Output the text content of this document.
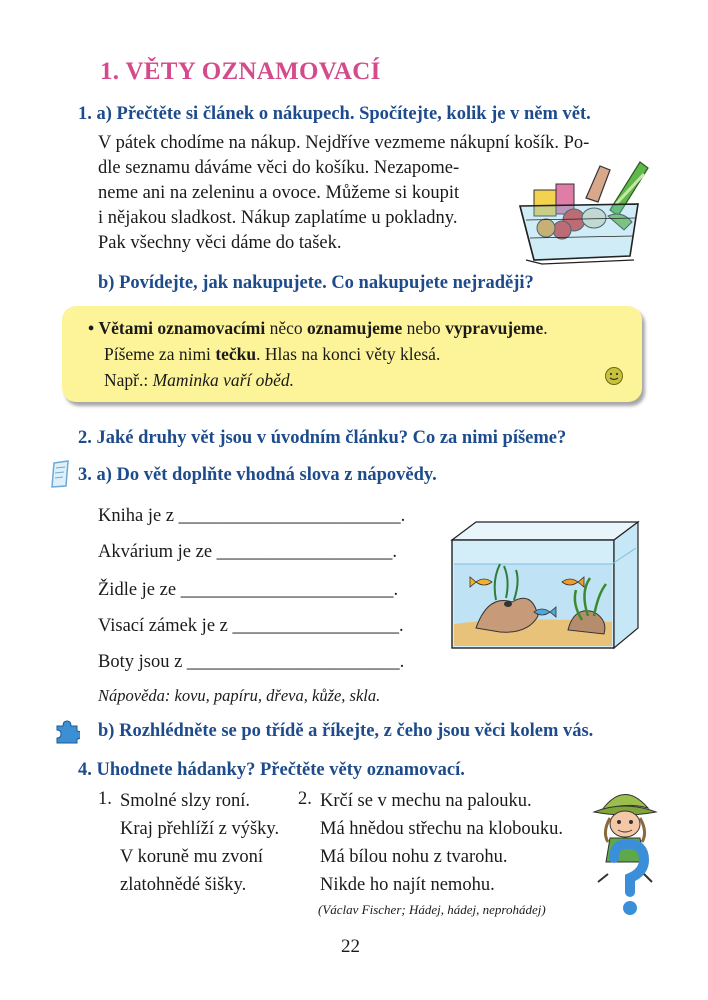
1. VĚTY OZNAMOVACÍ
1. a) Přečtěte si článek o nákupech. Spočítejte, kolik je v něm vět.
V pátek chodíme na nákup. Nejdříve vezmeme nákupní košík. Po-
dle seznamu dáváme věci do košíku. Nezapome-
neme ani na zeleninu a ovoce. Můžeme si koupit
i nějakou sladkost. Nákup zaplatíme u pokladny.
Pak všechny věci dáme do tašek.
b) Povídejte, jak nakupujete. Co nakupujete nejraději?
• Větami oznamovacími něco oznamujeme nebo vypravujeme.
Píšeme za nimi tečku. Hlas na konci věty klesá.
Např.: Maminka vaří oběd.
2. Jaké druhy vět jsou v úvodním článku? Co za nimi píšeme?
3. a) Do vět doplňte vhodná slova z nápovědy.
Kniha je z ________________________.
Akvárium je ze ___________________.
Židle je ze _______________________.
Visací zámek je z __________________.
Boty jsou z _______________________.
Nápověda: kovu, papíru, dřeva, kůže, skla.
b) Rozhlédněte se po třídě a říkejte, z čeho jsou věci kolem vás.
4. Uhodnete hádanky? Přečtěte věty oznamovací.
1. Smolné slzy roní.
Kraj přehlíží z výšky.
V koruně mu zvoní
zlatohnědé šišky.
2. Krčí se v mechu na palouku.
Má hnědou střechu na klobouku.
Má bílou nohu z tvarohu.
Nikde ho najít nemohu.
(Václav Fischer; Hádej, hádej, neprohádej)
22
